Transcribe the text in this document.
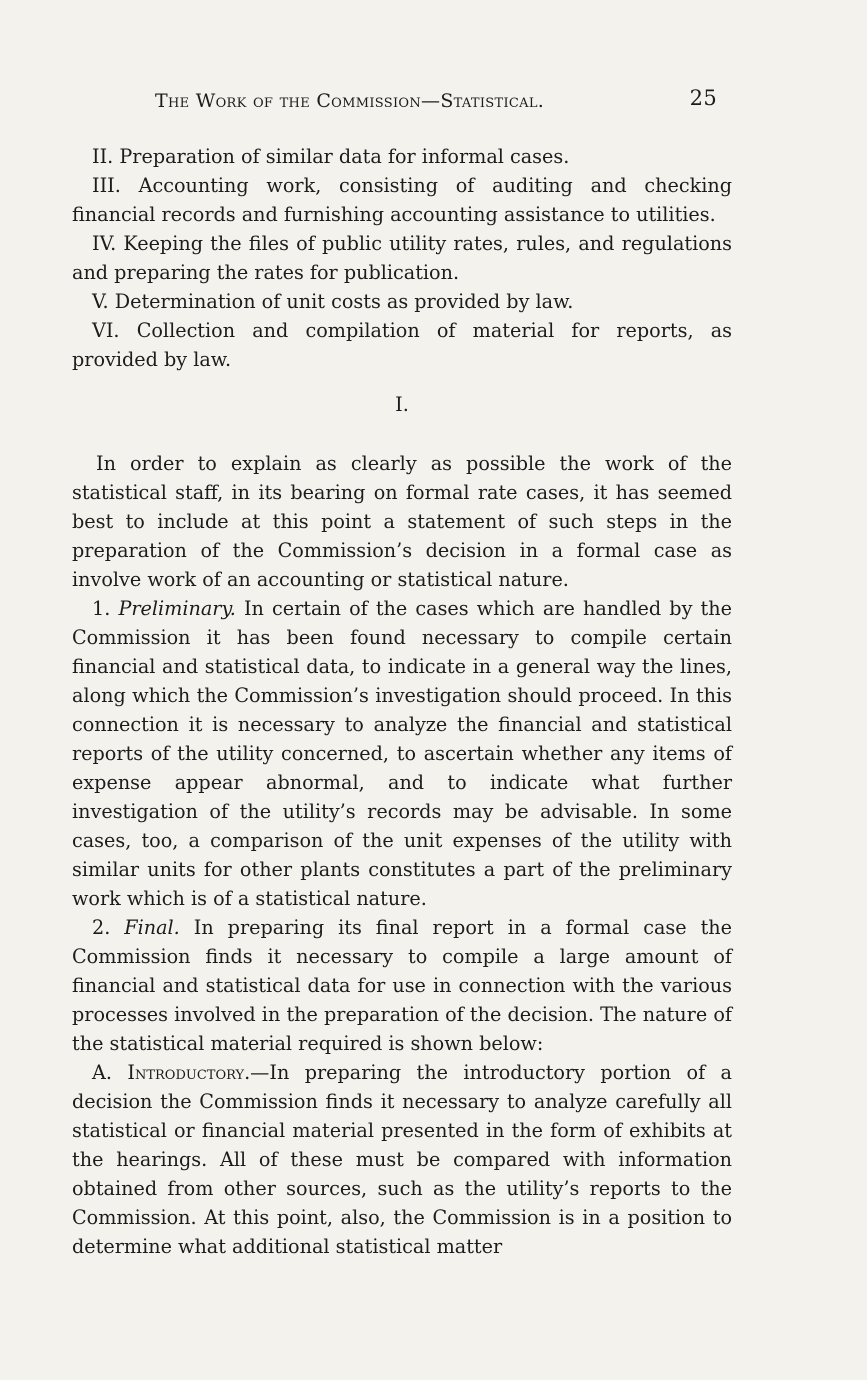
The Work of the Commission—Statistical.	25

II. Preparation of similar data for informal cases.

III. Accounting work, consisting of auditing and checking financial records and furnishing accounting assistance to utilities.

IV. Keeping the files of public utility rates, rules, and regulations and preparing the rates for publication.

V. Determination of unit costs as provided by law.

VI. Collection and compilation of material for reports, as provided by law.

I.

In order to explain as clearly as possible the work of the statistical staff, in its bearing on formal rate cases, it has seemed best to include at this point a statement of such steps in the preparation of the Commission’s decision in a formal case as involve work of an accounting or statistical nature.

1. Preliminary. In certain of the cases which are handled by the Commission it has been found necessary to compile certain financial and statistical data, to indicate in a general way the lines, along which the Commission’s investigation should proceed. In this connection it is necessary to analyze the financial and statistical reports of the utility concerned, to ascertain whether any items of expense appear abnormal, and to indicate what further investigation of the utility’s records may be advisable. In some cases, too, a comparison of the unit expenses of the utility with similar units for other plants constitutes a part of the preliminary work which is of a statistical nature.

2. Final. In preparing its final report in a formal case the Commission finds it necessary to compile a large amount of financial and statistical data for use in connection with the various processes involved in the preparation of the decision. The nature of the statistical material required is shown below:

A. Introductory.—In preparing the introductory portion of a decision the Commission finds it necessary to analyze carefully all statistical or financial material presented in the form of exhibits at the hearings. All of these must be compared with information obtained from other sources, such as the utility’s reports to the Commission. At this point, also, the Commission is in a position to determine what additional statistical matter
